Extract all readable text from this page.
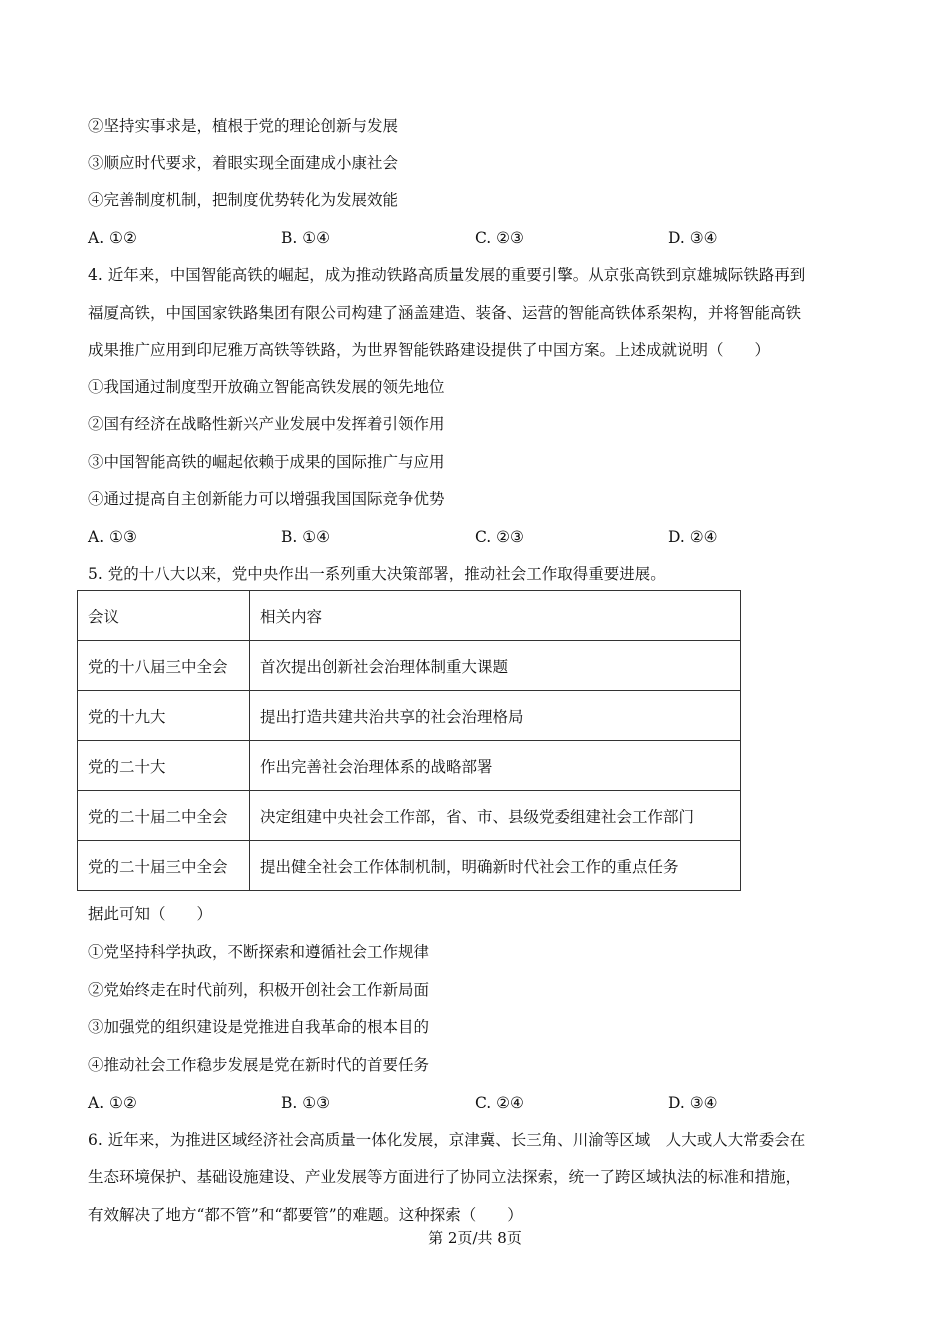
②坚持实事求是，植根于党的理论创新与发展
③顺应时代要求，着眼实现全面建成小康社会
④完善制度机制，把制度优势转化为发展效能
A. ①②	B. ①④	C. ②③	D. ③④
4. 近年来，中国智能高铁的崛起，成为推动铁路高质量发展的重要引擎。从京张高铁到京雄城际铁路再到
福厦高铁，中国国家铁路集团有限公司构建了涵盖建造、装备、运营的智能高铁体系架构，并将智能高铁
成果推广应用到印尼雅万高铁等铁路，为世界智能铁路建设提供了中国方案。上述成就说明（　　）
①我国通过制度型开放确立智能高铁发展的领先地位
②国有经济在战略性新兴产业发展中发挥着引领作用
③中国智能高铁的崛起依赖于成果的国际推广与应用
④通过提高自主创新能力可以增强我国国际竞争优势
A. ①③	B. ①④	C. ②③	D. ②④
5. 党的十八大以来，党中央作出一系列重大决策部署，推动社会工作取得重要进展。
会议	相关内容
党的十八届三中全会	首次提出创新社会治理体制重大课题
党的十九大	提出打造共建共治共享的社会治理格局
党的二十大	作出完善社会治理体系的战略部署
党的二十届二中全会	决定组建中央社会工作部，省、市、县级党委组建社会工作部门
党的二十届三中全会	提出健全社会工作体制机制，明确新时代社会工作的重点任务
据此可知（　　）
①党坚持科学执政，不断探索和遵循社会工作规律
②党始终走在时代前列，积极开创社会工作新局面
③加强党的组织建设是党推进自我革命的根本目的
④推动社会工作稳步发展是党在新时代的首要任务
A. ①②	B. ①③	C. ②④	D. ③④
6. 近年来，为推进区域经济社会高质量一体化发展，京津冀、长三角、川渝等区域　人大或人大常委会在
生态环境保护、基础设施建设、产业发展等方面进行了协同立法探索，统一了跨区域执法的标准和措施，
有效解决了地方“都不管”和“都要管”的难题。这种探索（　　）
第 2页/共 8页
